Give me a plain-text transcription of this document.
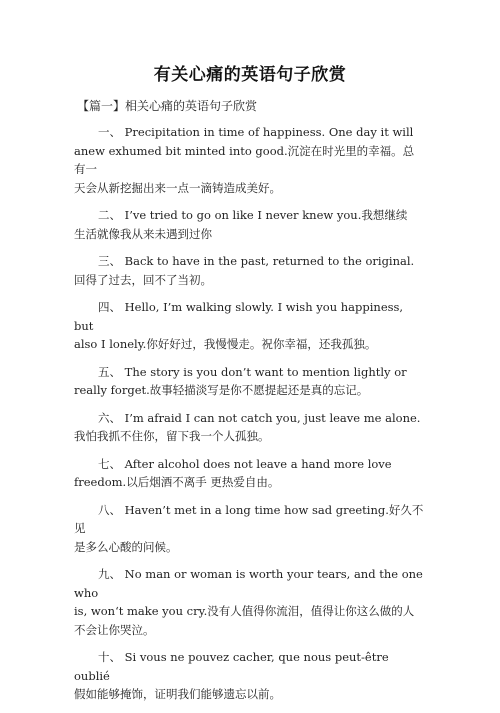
有关心痛的英语句子欣赏
【篇一】相关心痛的英语句子欣赏
一、 Precipitation in time of happiness. One day it will
anew exhumed bit minted into good.沉淀在时光里的幸福。总有一
天会从新挖掘出来一点一滴铸造成美好。
二、 I’ve tried to go on like I never knew you.我想继续
生活就像我从来未遇到过你
三、 Back to have in the past, returned to the original.
回得了过去，回不了当初。
四、 Hello, I’m walking slowly. I wish you happiness, but
also I lonely.你好好过，我慢慢走。祝你幸福，还我孤独。
五、 The story is you don’t want to mention lightly or
really forget.故事轻描淡写是你不愿提起还是真的忘记。
六、 I’m afraid I can not catch you, just leave me alone.
我怕我抓不住你，留下我一个人孤独。
七、 After alcohol does not leave a hand more love
freedom.以后烟酒不离手 更热爱自由。
八、 Haven’t met in a long time how sad greeting.好久不见
是多么心酸的问候。
九、 No man or woman is worth your tears, and the one who
is, won‘t make you cry.没有人值得你流泪，值得让你这么做的人
不会让你哭泣。
十、 Si vous ne pouvez cacher, que nous peut-être oublié
假如能够掩饰，证明我们能够遗忘以前。
